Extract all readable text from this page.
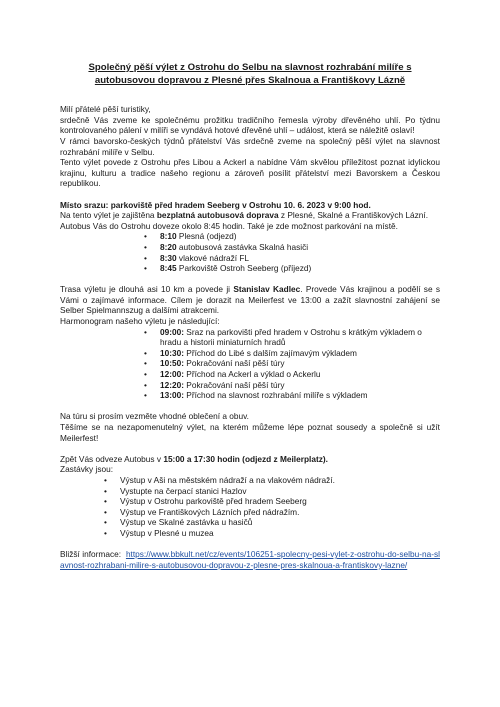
Společný pěší výlet z Ostrohu do Selbu na slavnost rozhrabání milíře s autobusovou dopravou z Plesné přes Skalnoua a Františkovy Lázně

Milí přátelé pěší turistiky,

srdečně Vás zveme ke společnému prožitku tradičního řemesla výroby dřevěného uhlí. Po týdnu kontrolovaného pálení v milíři se vyndává hotové dřevěné uhlí – událost, která se náležitě oslaví!

V rámci bavorsko-českých týdnů přátelství Vás srdečně zveme na společný pěší výlet na slavnost rozhrabání milíře v Selbu.

Tento výlet povede z Ostrohu přes Libou a Ackerl a nabídne Vám skvělou příležitost poznat idylickou krajinu, kulturu a tradice našeho regionu a zároveň posílit přátelství mezi Bavorskem a Českou republikou.

Místo srazu: parkoviště před hradem Seeberg v Ostrohu 10. 6. 2023 v 9:00 hod.

Na tento výlet je zajištěna bezplatná autobusová doprava z Plesné, Skalné a Františkových Lázní.

Autobus Vás do Ostrohu doveze okolo 8:45 hodin. Také je zde možnost parkování na místě.

• 8:10 Plesná (odjezd)
• 8:20 autobusová zastávka Skalná hasiči
• 8:30 vlakové nádraží FL
• 8:45 Parkoviště Ostroh Seeberg (příjezd)

Trasa výletu je dlouhá asi 10 km a povede ji Stanislav Kadlec. Provede Vás krajinou a podělí se s Vámi o zajímavé informace. Cílem je dorazit na Meilerfest ve 13:00 a zažít slavnostní zahájení se Selber Spielmannszug a dalšími atrakcemi.

Harmonogram našeho výletu je následující:

• 09:00: Sraz na parkovišti před hradem v Ostrohu s krátkým výkladem o hradu a historii miniaturních hradů
• 10:30: Příchod do Libé s dalším zajímavým výkladem
• 10:50: Pokračování naší pěší túry
• 12:00: Příchod na Ackerl a výklad o Ackerlu
• 12:20: Pokračování naší pěší túry
• 13:00: Příchod na slavnost rozhrabání milíře s výkladem

Na túru si prosím vezměte vhodné oblečení a obuv.

Těšíme se na nezapomenutelný výlet, na kterém můžeme lépe poznat sousedy a společně si užít Meilerfest!

Zpět Vás odveze Autobus v 15:00 a 17:30 hodin (odjezd z Meilerplatz).

Zastávky jsou:

• Výstup v Aši na městském nádraží a na vlakovém nádraží.
• Vystupte na čerpací stanici Hazlov
• Výstup v Ostrohu parkoviště před hradem Seeberg
• Výstup ve Františkových Lázních před nádražím.
• Výstup ve Skalné zastávka u hasičů
• Výstup v Plesné u muzea

Bližší informace: https://www.bbkult.net/cz/events/106251-spolecny-pesi-vylet-z-ostrohu-do-selbu-na-slavnost-rozhrabani-milire-s-autobusovou-dopravou-z-plesne-pres-skalnoua-a-frantiskovy-lazne/
